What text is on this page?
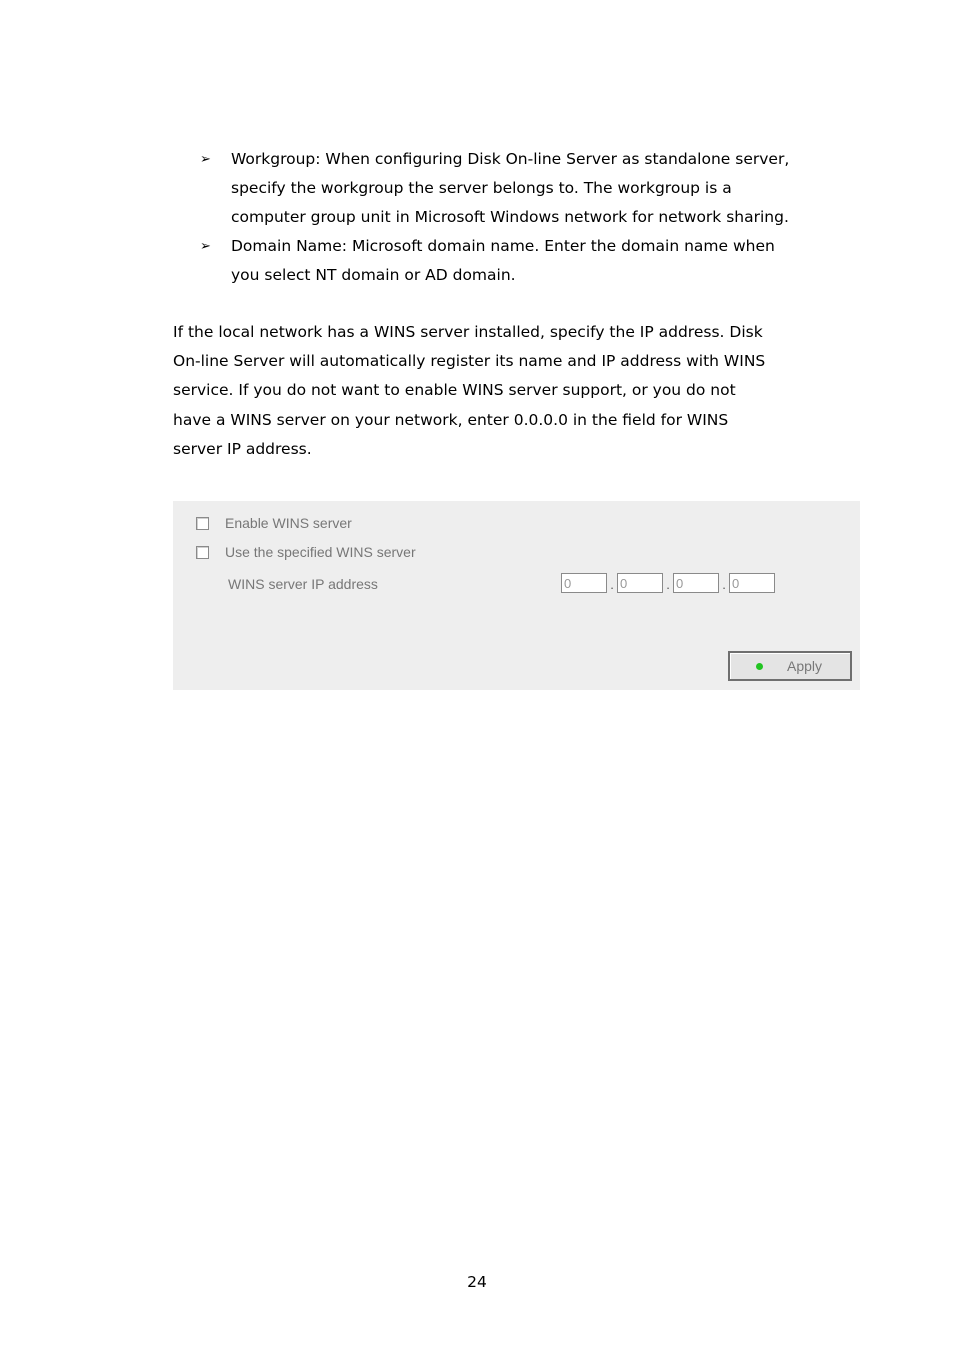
➢ Workgroup: When configuring Disk On-line Server as standalone server,
specify the workgroup the server belongs to. The workgroup is a
computer group unit in Microsoft Windows network for network sharing.
➢ Domain Name: Microsoft domain name. Enter the domain name when
you select NT domain or AD domain.
If the local network has a WINS server installed, specify the IP address. Disk
On-line Server will automatically register its name and IP address with WINS
service. If you do not want to enable WINS server support, or you do not
have a WINS server on your network, enter 0.0.0.0 in the field for WINS
server IP address.
Enable WINS server
Use the specified WINS server
WINS server IP address
0	.
0	.
0	.
0
Apply
24
